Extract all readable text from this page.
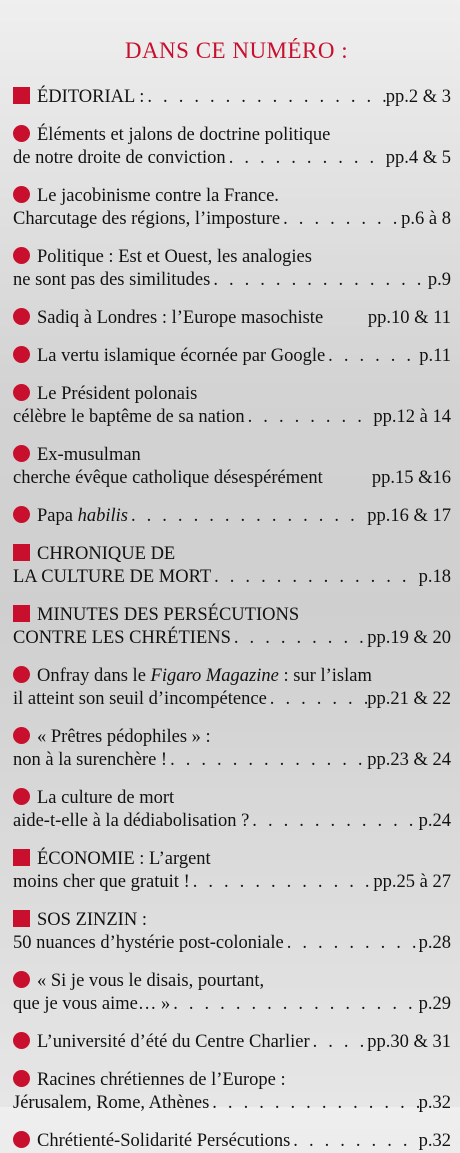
DANS CE NUMÉRO :
ÉDITORIAL : . . .	pp.2 & 3
Éléments et jalons de doctrine politique
de notre droite de conviction . . .	pp.4 & 5
Le jacobinisme contre la France.
Charcutage des régions, l’imposture . . .	p.6 à 8
Politique : Est et Ouest, les analogies
ne sont pas des similitudes . . .	p.9
Sadiq à Londres : l’Europe masochiste pp.10 & 11
La vertu islamique écornée par Google . . .	p.11
Le Président polonais
célèbre le baptême de sa nation . . .	pp.12 à 14
Ex-musulman
cherche évêque catholique désespérément	pp.15 &16
Papa habilis . . .	pp.16 & 17
CHRONIQUE DE
LA CULTURE DE MORT . . .	p.18
MINUTES DES PERSÉCUTIONS
CONTRE LES CHRÉTIENS . . .	pp.19 & 20
Onfray dans le Figaro Magazine : sur l’islam
il atteint son seuil d’incompétence . . .	pp.21 & 22
« Prêtres pédophiles » :
non à la surenchère ! . . .	pp.23 & 24
La culture de mort
aide-t-elle à la dédiabolisation ? . . .	p.24
ÉCONOMIE : L’argent
moins cher que gratuit ! . . .	pp.25 à 27
SOS ZINZIN :
50 nuances d’hystérie post-coloniale . . .	p.28
« Si je vous le disais, pourtant,
que je vous aime… » . . .	p.29
L’université d’été du Centre Charlier . . .	pp.30 & 31
Racines chrétiennes de l’Europe :
Jérusalem, Rome, Athènes . . .	p.32
Chrétienté-Solidarité Persécutions . . .	p.32
